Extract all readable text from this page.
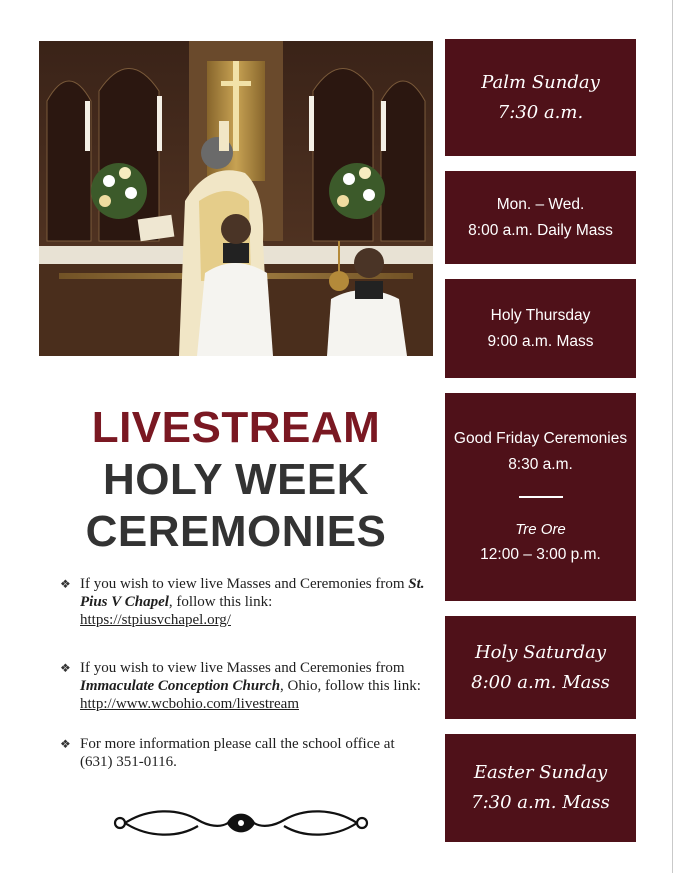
Palm Sunday
7:30 a.m.
Mon. – Wed.
8:00 a.m. Daily Mass
Holy Thursday
9:00 a.m. Mass
Good Friday Ceremonies
8:30 a.m.
Tre Ore
12:00 – 3:00 p.m.
Holy Saturday
8:00 a.m. Mass
Easter Sunday
7:30 a.m. Mass
LIVESTREAM
HOLY WEEK
CEREMONIES
❖ If you wish to view live Masses and Ceremonies from St. Pius V Chapel, follow this link:
https://stpiusvchapel.org/
❖ If you wish to view live Masses and Ceremonies from Immaculate Conception Church, Ohio, follow this link:
http://www.wcbohio.com/livestream
❖ For more information please call the school office at (631) 351-0116.
